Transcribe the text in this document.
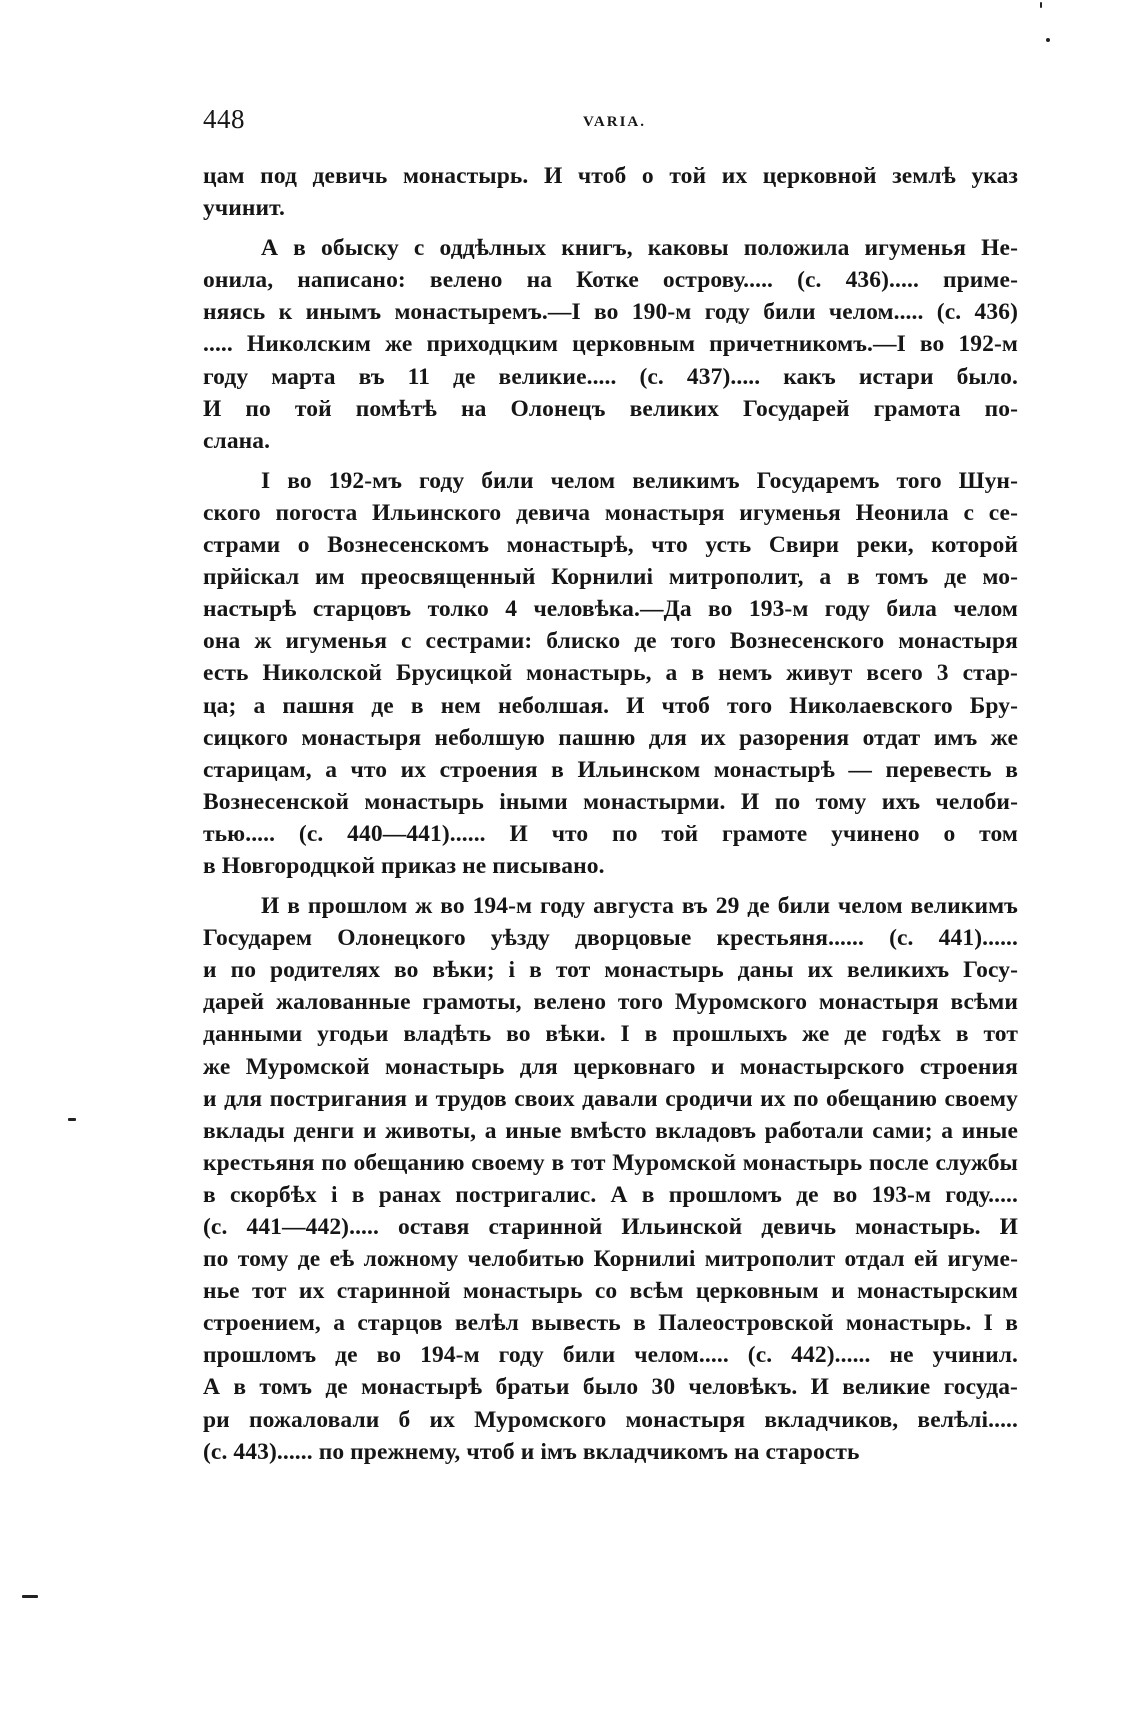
448	VARIA.
цам под девичь монастырь. И чтоб о той их церковной землѣ указ
учинит.
А в обыску с оддѣлных книгъ, каковы положила игуменья Не-
онила, написано: велено на Котке острову..... (с. 436)..... приме-
няясь к инымъ монастыремъ.—І во 190-м году били челом..... (с. 436)
..... Николским же приходцким церковным причетникомъ.—І во 192-м
году марта въ 11 де великие..... (с. 437)..... какъ истари было.
И по той помѣтѣ на Олонецъ великих Государей грамота по-
слана.
І во 192-мъ году били челом великимъ Государемъ того Шун-
ского погоста Ильинского девича монастыря игуменья Неонила с се-
страми о Вознесенскомъ монастырѣ, что усть Свири реки, которой
прйіскал им преосвященный Корнилиі митрополит, а в томъ де мо-
настырѣ старцовъ толко 4 человѣка.—Да во 193-м году била челом
она ж игуменья с сестрами: блиско де того Вознесенского монастыря
есть Николской Брусицкой монастырь, а в немъ живут всего 3 стар-
ца; а пашня де в нем неболшая. И чтоб того Николаевского Бру-
сицкого монастыря неболшую пашню для их разорения отдат имъ же
старицам, а что их строения в Ильинском монастырѣ — перевесть в
Вознесенской монастырь іными монастырми. И по тому ихъ челоби-
тью..... (с. 440—441)...... И что по той грамоте учинено о том
в Новгородцкой приказ не писывано.
И в прошлом ж во 194-м году августа въ 29 де били челом великимъ
Государем Олонецкого уѣзду дворцовые крестьяня...... (с. 441)......
и по родителях во вѣки; і в тот монастырь даны их великихъ Госу-
дарей жалованные грамоты, велено того Муромского монастыря всѣми
данными угодьи владѣть во вѣки. І в прошлыхъ же де годѣх в тот
же Муромской монастырь для церковнаго и монастырского строения
и для постригания и трудов своих давали сродичи их по обещанию своему
вклады денги и животы, а иные вмѣсто вкладовъ работали сами; а иные
крестьяня по обещанию своему в тот Муромской монастырь после службы
в скорбѣх і в ранах постригалис. А в прошломъ де во 193-м году.....
(с. 441—442)..... оставя старинной Ильинской девичь монастырь. И
по тому де еѣ ложному челобитью Корнилиі митрополит отдал ей игуме-
нье тот их старинной монастырь со всѣм церковным и монастырским
строением, а старцов велѣл вывесть в Палеостровской монастырь. І в
прошломъ де во 194-м году били челом..... (с. 442)...... не учинил.
А в томъ де монастырѣ братьи было 30 человѣкъ. И великие госуда-
ри пожаловали б их Муромского монастыря вкладчиков, велѣлі.....
(с. 443)...... по прежнему, чтоб и імъ вкладчикомъ на старость
